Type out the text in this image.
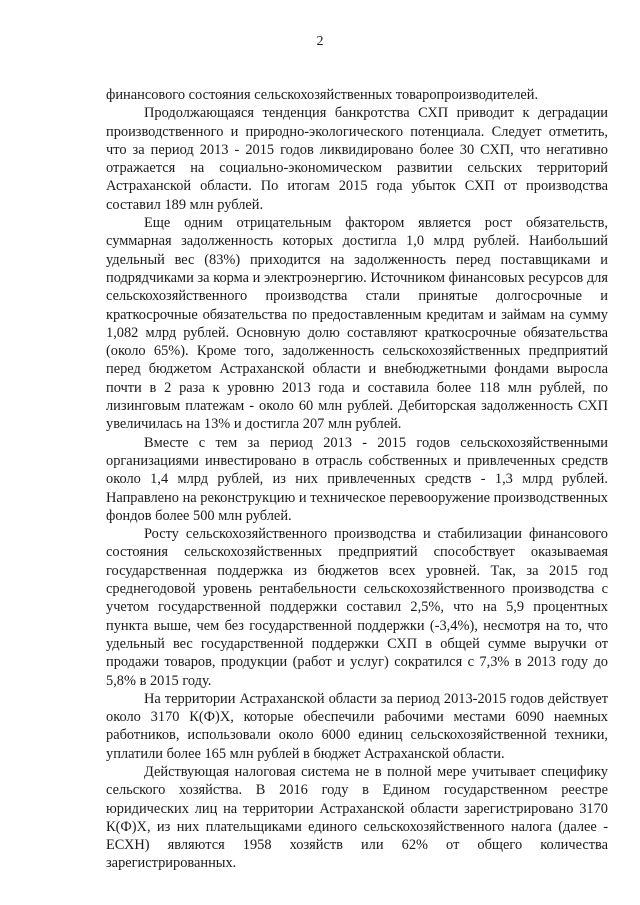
2

финансового состояния сельскохозяйственных товаропроизводителей.

Продолжающаяся тенденция банкротства СХП приводит к деградации производственного и природно-экологического потенциала. Следует отметить, что за период 2013 - 2015 годов ликвидировано более 30 СХП, что негативно отражается на социально-экономическом развитии сельских территорий Астраханской области. По итогам 2015 года убыток СХП от производства составил 189 млн рублей.

Еще одним отрицательным фактором является рост обязательств, суммарная задолженность которых достигла 1,0 млрд рублей. Наибольший удельный вес (83%) приходится на задолженность перед поставщиками и подрядчиками за корма и электроэнергию. Источником финансовых ресурсов для сельскохозяйственного производства стали принятые долгосрочные и краткосрочные обязательства по предоставленным кредитам и займам на сумму 1,082 млрд рублей. Основную долю составляют краткосрочные обязательства (около 65%). Кроме того, задолженность сельскохозяйственных предприятий перед бюджетом Астраханской области и внебюджетными фондами выросла почти в 2 раза к уровню 2013 года и составила более 118 млн рублей, по лизинговым платежам - около 60 млн рублей. Дебиторская задолженность СХП увеличилась на 13% и достигла 207 млн рублей.

Вместе с тем за период 2013 - 2015 годов сельскохозяйственными организациями инвестировано в отрасль собственных и привлеченных средств около 1,4 млрд рублей, из них привлеченных средств - 1,3 млрд рублей. Направлено на реконструкцию и техническое перевооружение производственных фондов более 500 млн рублей.

Росту сельскохозяйственного производства и стабилизации финансового состояния сельскохозяйственных предприятий способствует оказываемая государственная поддержка из бюджетов всех уровней. Так, за 2015 год среднегодовой уровень рентабельности сельскохозяйственного производства с учетом государственной поддержки составил 2,5%, что на 5,9 процентных пункта выше, чем без государственной поддержки (-3,4%), несмотря на то, что удельный вес государственной поддержки СХП в общей сумме выручки от продажи товаров, продукции (работ и услуг) сократился с 7,3% в 2013 году до 5,8% в 2015 году.

На территории Астраханской области за период 2013-2015 годов действует около 3170 К(Ф)Х, которые обеспечили рабочими местами 6090 наемных работников, использовали около 6000 единиц сельскохозяйственной техники, уплатили более 165 млн рублей в бюджет Астраханской области.

Действующая налоговая система не в полной мере учитывает специфику сельского хозяйства. В 2016 году в Едином государственном реестре юридических лиц на территории Астраханской области зарегистрировано 3170 К(Ф)Х, из них плательщиками единого сельскохозяйственного налога (далее - ЕСХН) являются 1958 хозяйств или 62% от общего количества зарегистрированных.
